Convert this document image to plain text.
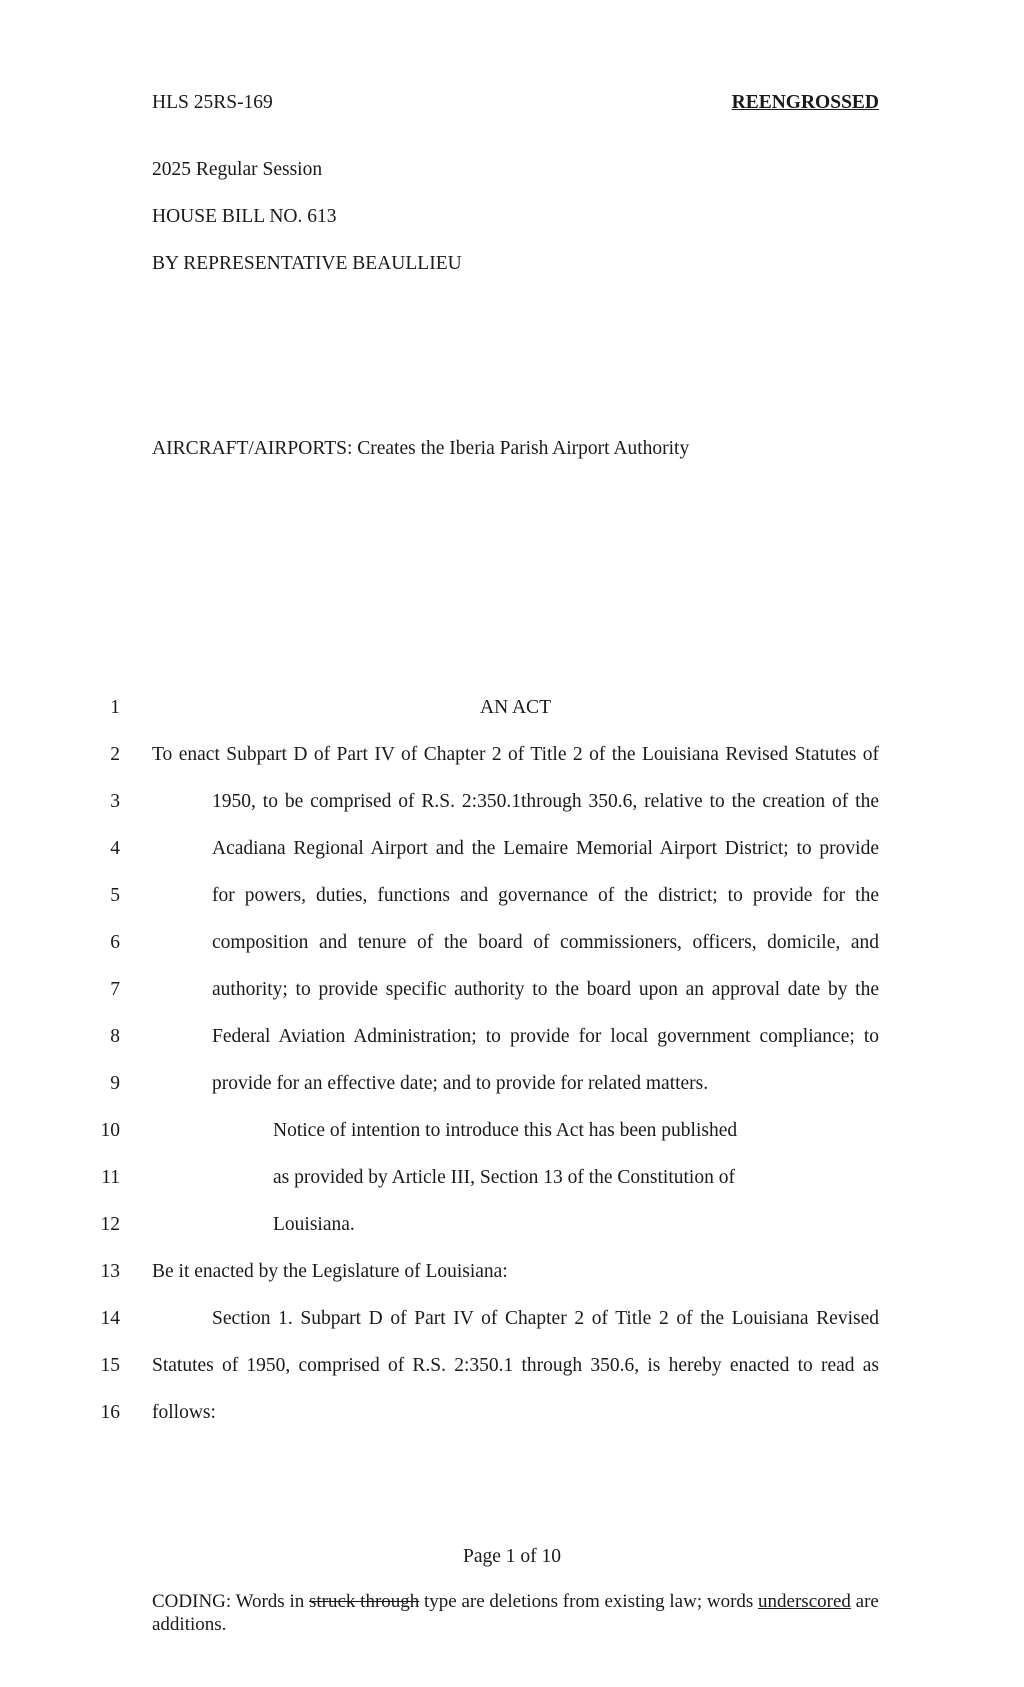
HLS 25RS-169	REENGROSSED
2025 Regular Session
HOUSE BILL NO. 613
BY REPRESENTATIVE BEAULLIEU
AIRCRAFT/AIRPORTS: Creates the Iberia Parish Airport Authority
1	AN ACT
2 To enact Subpart D of Part IV of Chapter 2 of Title 2 of the Louisiana Revised Statutes of
3	1950, to be comprised of R.S. 2:350.1through 350.6, relative to the creation of the
4	Acadiana Regional Airport and the Lemaire Memorial Airport District; to provide
5	for powers, duties, functions and governance of the district; to provide for the
6	composition and tenure of the board of commissioners, officers, domicile, and
7	authority; to provide specific authority to the board upon an approval date by the
8	Federal Aviation Administration; to provide for local government compliance; to
9	provide for an effective date; and to provide for related matters.
10	Notice of intention to introduce this Act has been published
11	as provided by Article III, Section 13 of the Constitution of
12	Louisiana.
13 Be it enacted by the Legislature of Louisiana:
14	Section 1. Subpart D of Part IV of Chapter 2 of Title 2 of the Louisiana Revised
15 Statutes of 1950, comprised of R.S. 2:350.1 through 350.6, is hereby enacted to read as
16 follows:
Page 1 of 10
CODING: Words in struck through type are deletions from existing law; words underscored are additions.
